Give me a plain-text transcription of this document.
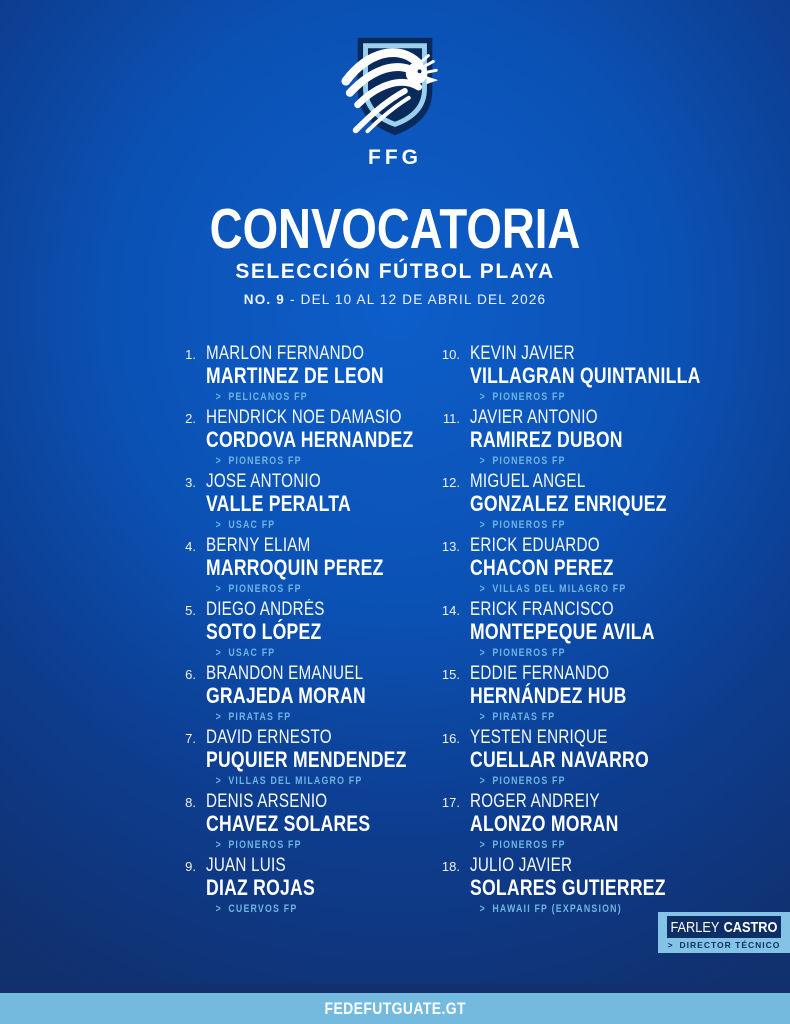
FFG
CONVOCATORIA
SELECCIÓN FÚTBOL PLAYA
NO. 9 - DEL 10 AL 12 DE ABRIL DEL 2026
1. MARLON FERNANDO
MARTINEZ DE LEON
> PELICANOS FP
2. HENDRICK NOE DAMASIO
CORDOVA HERNANDEZ
> PIONEROS FP
3. JOSE ANTONIO
VALLE PERALTA
> USAC FP
4. BERNY ELIAM
MARROQUIN PEREZ
> PIONEROS FP
5. DIEGO ANDRÉS
SOTO LÓPEZ
> USAC FP
6. BRANDON EMANUEL
GRAJEDA MORAN
> PIRATAS FP
7. DAVID ERNESTO
PUQUIER MENDENDEZ
> VILLAS DEL MILAGRO FP
8. DENIS ARSENIO
CHAVEZ SOLARES
> PIONEROS FP
9. JUAN LUIS
DIAZ ROJAS
> CUERVOS FP
10. KEVIN JAVIER
VILLAGRAN QUINTANILLA
> PIONEROS FP
11. JAVIER ANTONIO
RAMIREZ DUBON
> PIONEROS FP
12. MIGUEL ANGEL
GONZALEZ ENRIQUEZ
> PIONEROS FP
13. ERICK EDUARDO
CHACON PEREZ
> VILLAS DEL MILAGRO FP
14. ERICK FRANCISCO
MONTEPEQUE AVILA
> PIONEROS FP
15. EDDIE FERNANDO
HERNÁNDEZ HUB
> PIRATAS FP
16. YESTEN ENRIQUE
CUELLAR NAVARRO
> PIONEROS FP
17. ROGER ANDREIY
ALONZO MORAN
> PIONEROS FP
18. JULIO JAVIER
SOLARES GUTIERREZ
> HAWAII FP (EXPANSION)
FARLEY CASTRO
> DIRECTOR TÉCNICO
FEDEFUTGUATE.GT
